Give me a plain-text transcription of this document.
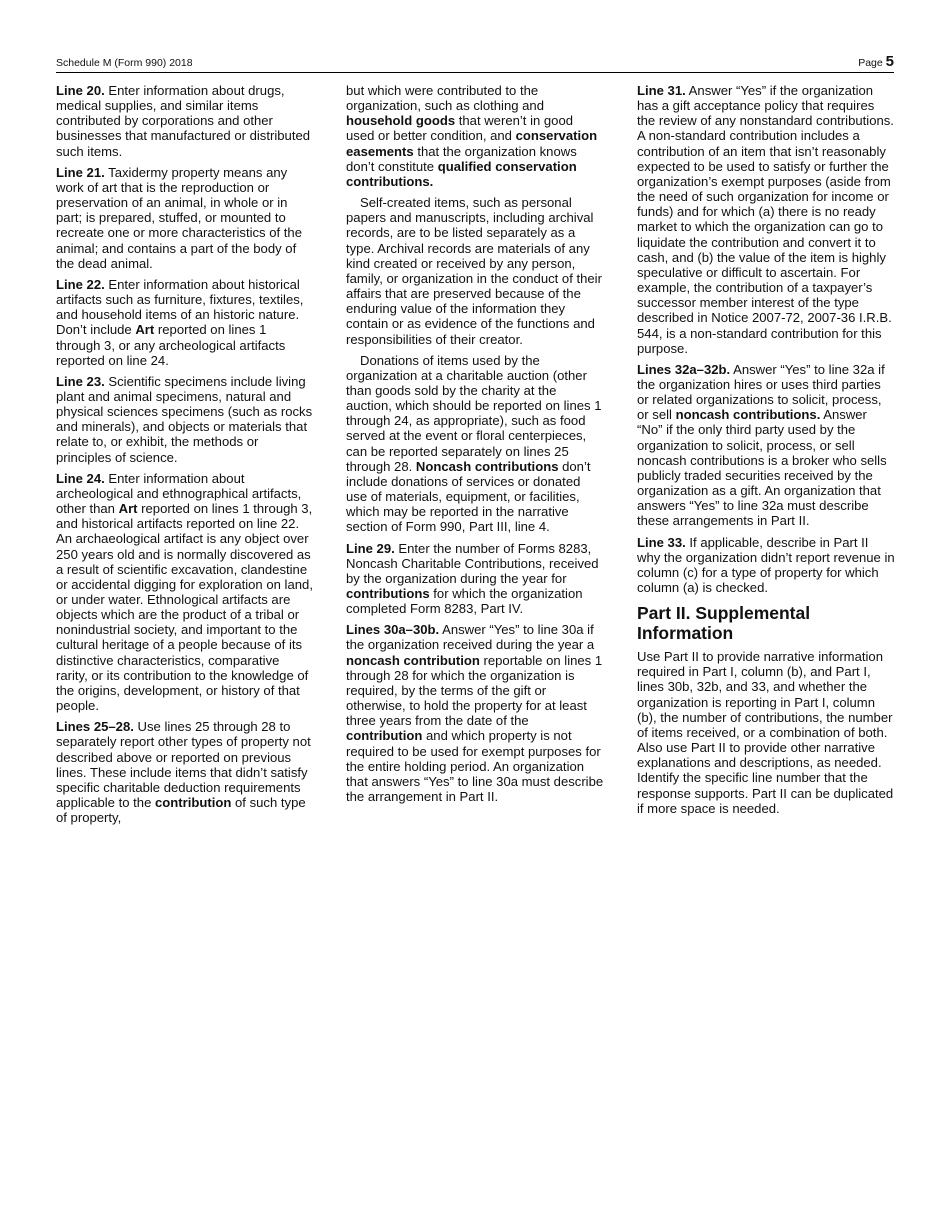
Schedule M (Form 990) 2018	Page 5

Line 20. Enter information about drugs, medical supplies, and similar items contributed by corporations and other businesses that manufactured or distributed such items.

Line 21. Taxidermy property means any work of art that is the reproduction or preservation of an animal, in whole or in part; is prepared, stuffed, or mounted to recreate one or more characteristics of the animal; and contains a part of the body of the dead animal.

Line 22. Enter information about historical artifacts such as furniture, fixtures, textiles, and household items of an historic nature. Don’t include Art reported on lines 1 through 3, or any archeological artifacts reported on line 24.

Line 23. Scientific specimens include living plant and animal specimens, natural and physical sciences specimens (such as rocks and minerals), and objects or materials that relate to, or exhibit, the methods or principles of science.

Line 24. Enter information about archeological and ethnographical artifacts, other than Art reported on lines 1 through 3, and historical artifacts reported on line 22. An archaeological artifact is any object over 250 years old and is normally discovered as a result of scientific excavation, clandestine or accidental digging for exploration on land, or under water. Ethnological artifacts are objects which are the product of a tribal or nonindustrial society, and important to the cultural heritage of a people because of its distinctive characteristics, comparative rarity, or its contribution to the knowledge of the origins, development, or history of that people.

Lines 25–28. Use lines 25 through 28 to separately report other types of property not described above or reported on previous lines. These include items that didn’t satisfy specific charitable deduction requirements applicable to the contribution of such type of property,

but which were contributed to the organization, such as clothing and household goods that weren’t in good used or better condition, and conservation easements that the organization knows don’t constitute qualified conservation contributions.

Self-created items, such as personal papers and manuscripts, including archival records, are to be listed separately as a type. Archival records are materials of any kind created or received by any person, family, or organization in the conduct of their affairs that are preserved because of the enduring value of the information they contain or as evidence of the functions and responsibilities of their creator.

Donations of items used by the organization at a charitable auction (other than goods sold by the charity at the auction, which should be reported on lines 1 through 24, as appropriate), such as food served at the event or floral centerpieces, can be reported separately on lines 25 through 28. Noncash contributions don’t include donations of services or donated use of materials, equipment, or facilities, which may be reported in the narrative section of Form 990, Part III, line 4.

Line 29. Enter the number of Forms 8283, Noncash Charitable Contributions, received by the organization during the year for contributions for which the organization completed Form 8283, Part IV.

Lines 30a–30b. Answer “Yes” to line 30a if the organization received during the year a noncash contribution reportable on lines 1 through 28 for which the organization is required, by the terms of the gift or otherwise, to hold the property for at least three years from the date of the contribution and which property is not required to be used for exempt purposes for the entire holding period. An organization that answers “Yes” to line 30a must describe the arrangement in Part II.

Line 31. Answer “Yes” if the organization has a gift acceptance policy that requires the review of any nonstandard contributions. A non-standard contribution includes a contribution of an item that isn’t reasonably expected to be used to satisfy or further the organization’s exempt purposes (aside from the need of such organization for income or funds) and for which (a) there is no ready market to which the organization can go to liquidate the contribution and convert it to cash, and (b) the value of the item is highly speculative or difficult to ascertain. For example, the contribution of a taxpayer’s successor member interest of the type described in Notice 2007-72, 2007-36 I.R.B. 544, is a non-standard contribution for this purpose.

Lines 32a–32b. Answer “Yes” to line 32a if the organization hires or uses third parties or related organizations to solicit, process, or sell noncash contributions. Answer “No” if the only third party used by the organization to solicit, process, or sell noncash contributions is a broker who sells publicly traded securities received by the organization as a gift. An organization that answers “Yes” to line 32a must describe these arrangements in Part II.

Line 33. If applicable, describe in Part II why the organization didn’t report revenue in column (c) for a type of property for which column (a) is checked.

Part II. Supplemental Information

Use Part II to provide narrative information required in Part I, column (b), and Part I, lines 30b, 32b, and 33, and whether the organization is reporting in Part I, column (b), the number of contributions, the number of items received, or a combination of both. Also use Part II to provide other narrative explanations and descriptions, as needed. Identify the specific line number that the response supports. Part II can be duplicated if more space is needed.
